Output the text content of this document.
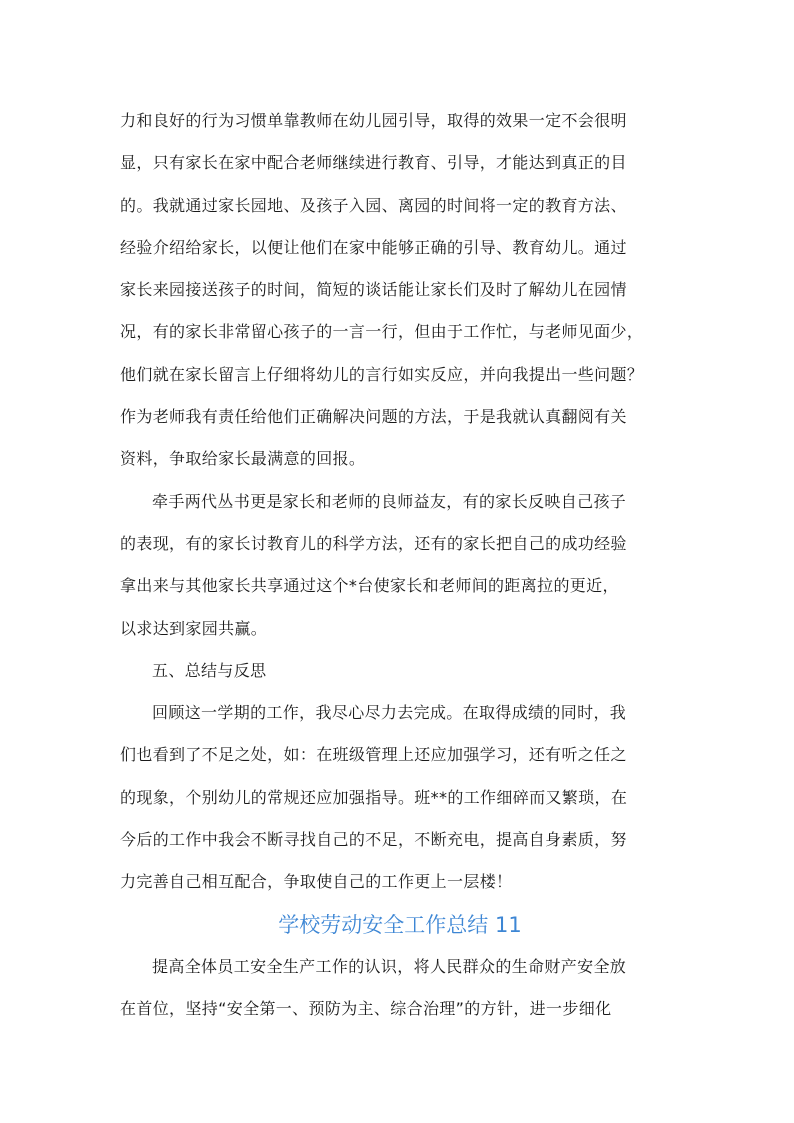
力和良好的行为习惯单靠教师在幼儿园引导，取得的效果一定不会很明
显，只有家长在家中配合老师继续进行教育、引导，才能达到真正的目
的。我就通过家长园地、及孩子入园、离园的时间将一定的教育方法、
经验介绍给家长，以便让他们在家中能够正确的引导、教育幼儿。通过
家长来园接送孩子的时间，简短的谈话能让家长们及时了解幼儿在园情
况，有的家长非常留心孩子的一言一行，但由于工作忙，与老师见面少，
他们就在家长留言上仔细将幼儿的言行如实反应，并向我提出一些问题？
作为老师我有责任给他们正确解决问题的方法，于是我就认真翻阅有关
资料，争取给家长最满意的回报。
牵手两代丛书更是家长和老师的良师益友，有的家长反映自己孩子
的表现，有的家长讨教育儿的科学方法，还有的家长把自己的成功经验
拿出来与其他家长共享通过这个*台使家长和老师间的距离拉的更近，
以求达到家园共赢。
五、总结与反思
回顾这一学期的工作，我尽心尽力去完成。在取得成绩的同时，我
们也看到了不足之处，如：在班级管理上还应加强学习，还有听之任之
的现象，个别幼儿的常规还应加强指导。班**的工作细碎而又繁琐，在
今后的工作中我会不断寻找自己的不足，不断充电，提高自身素质，努
力完善自己相互配合，争取使自己的工作更上一层楼！
学校劳动安全工作总结 11
提高全体员工安全生产工作的认识，将人民群众的生命财产安全放
在首位，坚持“安全第一、预防为主、综合治理”的方针，进一步细化
